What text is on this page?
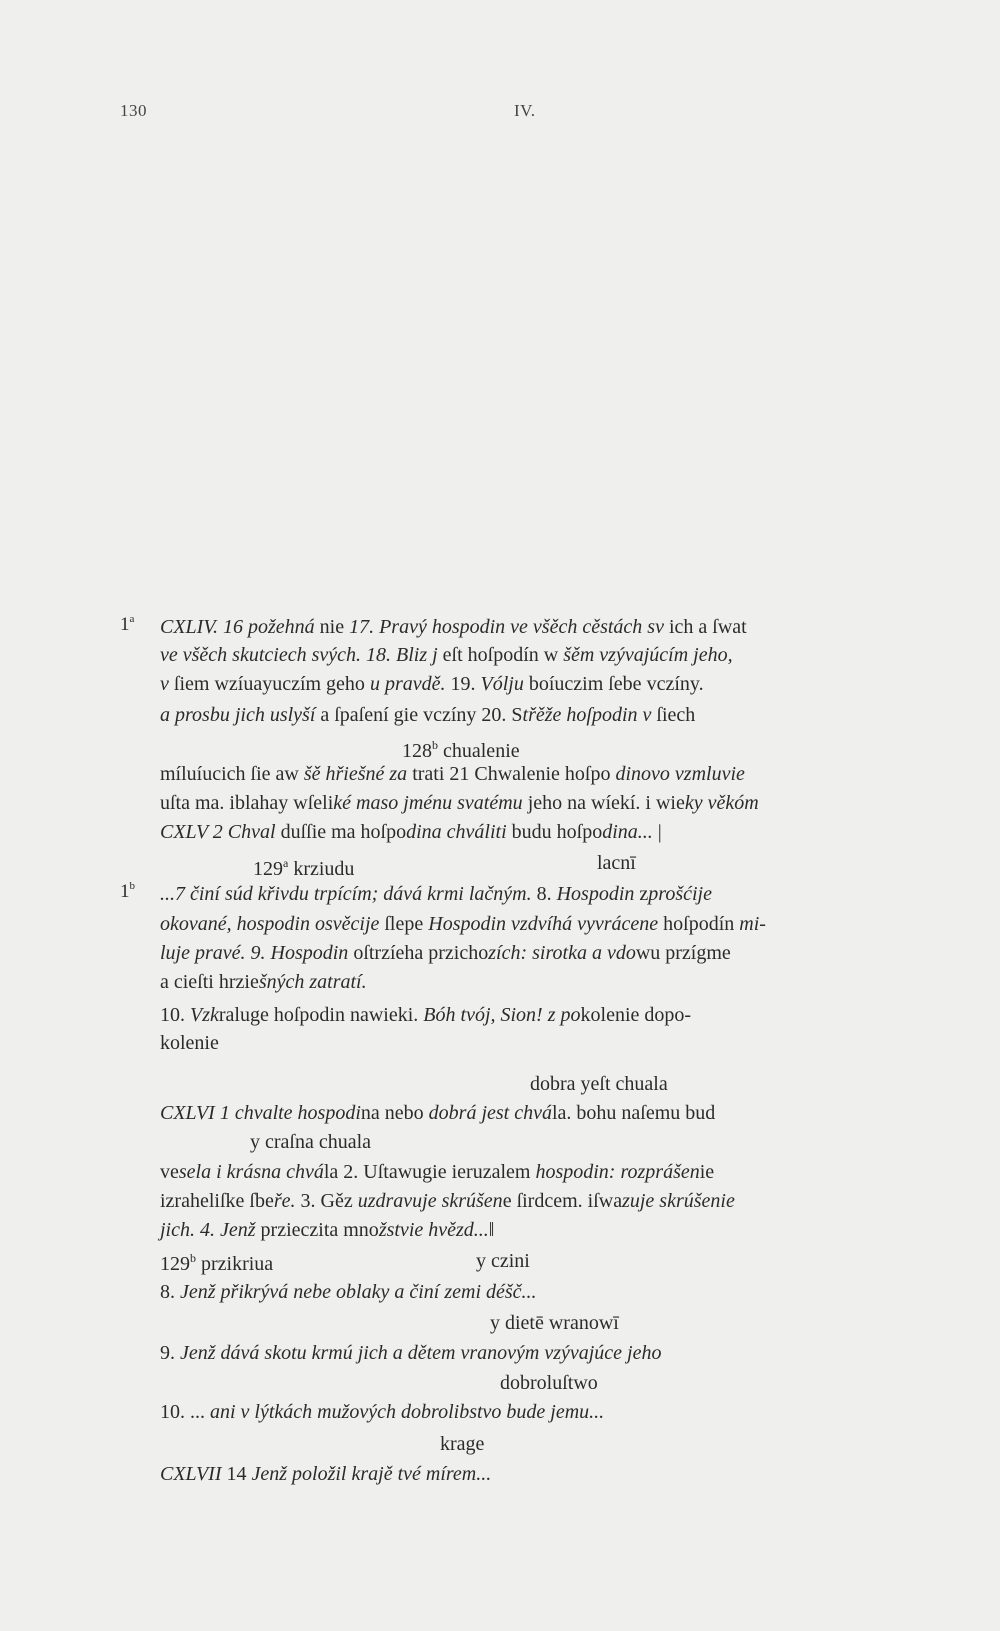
130	IV.
1$^a$
1$^b$
CXLIV. 16 požehná nie 17. Pravý hospodin ve všěch cěstách sv ich a ſwat
ve všěch skutciech svých. 18. Bliz j eſt hoſpodín w šěm vzývajúcím jeho,
v ſiem wzíuayuczím geho u pravdě. 19. Vólju boíuczim ſebe vczíny.
a prosbu jich uslyší a ſpaſení gie vczíny 20. Střěže hoſpodin v ſiech
128$^b$ chualenie
míluíucich ſie aw šě hřiešné za trati 21 Chwalenie hoſpo dinovo vzmluvie
uſta ma. iblahay wſeliké maso jménu svatému jeho na wíekí. i wieky věkóm
CXLV 2 Chval duſſie ma hoſpodina chváliti budu hoſpodina... |
129$^a$ krziudu	lacnī
...7 činí súd křivdu trpícím; dává krmi lačným. 8. Hospodin zprošćije
okované, hospodin osvěcije ſlepe Hospodin vzdvíhá vyvrácene hoſpodín mi-
luje pravé. 9. Hospodin oſtrzíeha przichozích: sirotka a vdowu przígme
a cieſti hrziešných zatratí.
10. Vzkraluge hoſpodin nawieki. Bóh tvój, Sion! z pokolenie dopo-
kolenie
dobra yeſt chuala
CXLVI 1 chvalte hospodina nebo dobrá jest chvála. bohu naſemu bud
y craſna chuala
vesela i krásna chvála 2. Uſtawugie ieruzalem hospodin: rozprášenie
izraheliſke ſbeře. 3. Gěz uzdravuje skrúšene ſirdcem. iſwazuje skrúšenie
jich. 4. Jenž przieczita množstvie hvězd...‖
129$^b$ przikriua	y czini
8. Jenž přikrývá nebe oblaky a činí zemi déšč...
y dietē wranowī
9. Jenž dává skotu krmú jich a dětem vranovým vzývajúce jeho
dobroluſtwo
10. ... ani v lýtkách mužových dobrolibstvo bude jemu...
krage
CXLVII 14 Jenž položil krajě tvé mírem...
